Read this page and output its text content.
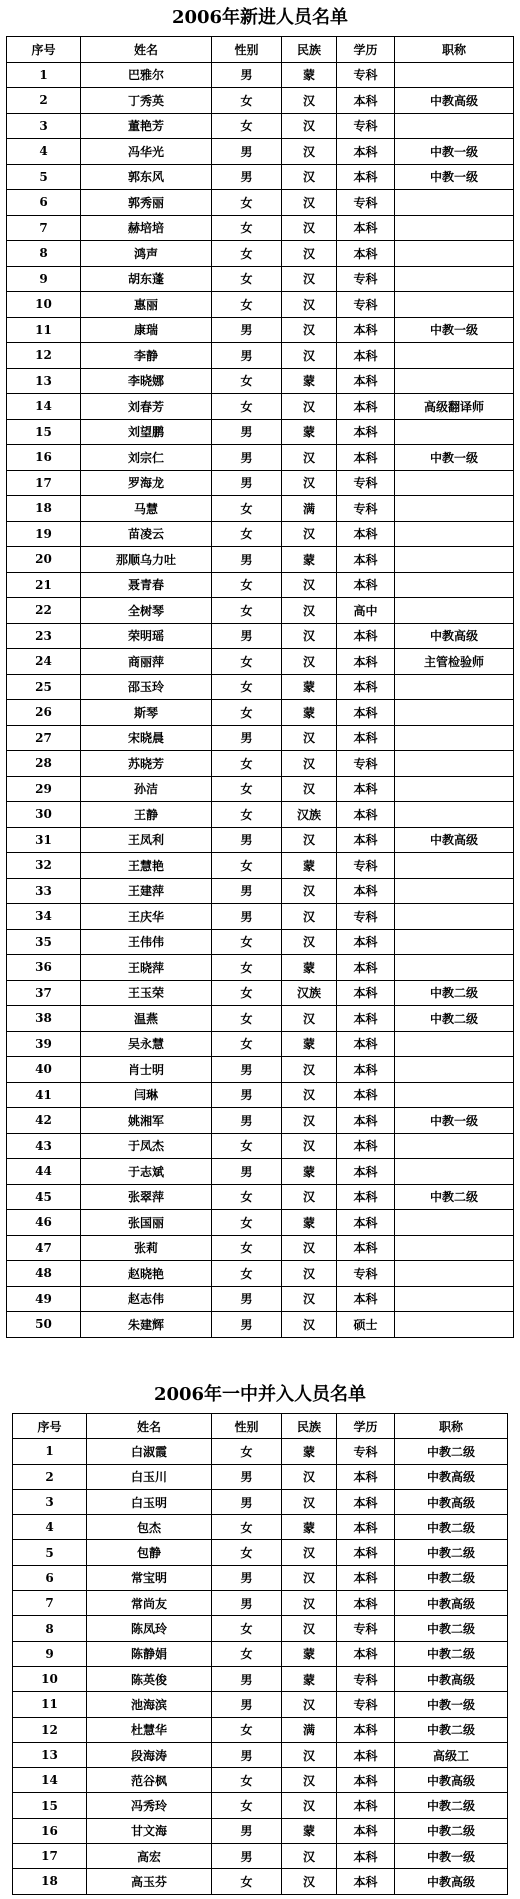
2006年新进人员名单
序号	姓名	性别	民族	学历	职称
1	巴雅尔	男	蒙	专科	
2	丁秀英	女	汉	本科	中教高级
3	董艳芳	女	汉	专科	
4	冯华光	男	汉	本科	中教一级
5	郭东风	男	汉	本科	中教一级
6	郭秀丽	女	汉	专科	
7	赫培培	女	汉	本科	
8	鸿声	女	汉	本科	
9	胡东蓬	女	汉	专科	
10	惠丽	女	汉	专科	
11	康瑞	男	汉	本科	中教一级
12	李静	男	汉	本科	
13	李晓娜	女	蒙	本科	
14	刘春芳	女	汉	本科	高级翻译师
15	刘望鹏	男	蒙	本科	
16	刘宗仁	男	汉	本科	中教一级
17	罗海龙	男	汉	专科	
18	马慧	女	满	专科	
19	苗凌云	女	汉	本科	
20	那顺乌力吐	男	蒙	本科	
21	聂青春	女	汉	本科	
22	全树琴	女	汉	高中	
23	荣明瑶	男	汉	本科	中教高级
24	商丽萍	女	汉	本科	主管检验师
25	邵玉玲	女	蒙	本科	
26	斯琴	女	蒙	本科	
27	宋晓晨	男	汉	本科	
28	苏晓芳	女	汉	专科	
29	孙洁	女	汉	本科	
30	王静	女	汉族	本科	
31	王凤利	男	汉	本科	中教高级
32	王慧艳	女	蒙	专科	
33	王建萍	男	汉	本科	
34	王庆华	男	汉	专科	
35	王伟伟	女	汉	本科	
36	王晓萍	女	蒙	本科	
37	王玉荣	女	汉族	本科	中教二级
38	温燕	女	汉	本科	中教二级
39	吴永慧	女	蒙	本科	
40	肖士明	男	汉	本科	
41	闫琳	男	汉	本科	
42	姚湘军	男	汉	本科	中教一级
43	于凤杰	女	汉	本科	
44	于志斌	男	蒙	本科	
45	张翠萍	女	汉	本科	中教二级
46	张国丽	女	蒙	本科	
47	张莉	女	汉	本科	
48	赵晓艳	女	汉	专科	
49	赵志伟	男	汉	本科	
50	朱建辉	男	汉	硕士	
2006年一中并入人员名单
序号	姓名	性别	民族	学历	职称
1	白淑霞	女	蒙	专科	中教二级
2	白玉川	男	汉	本科	中教高级
3	白玉明	男	汉	本科	中教高级
4	包杰	女	蒙	本科	中教二级
5	包静	女	汉	本科	中教二级
6	常宝明	男	汉	本科	中教二级
7	常尚友	男	汉	本科	中教高级
8	陈凤玲	女	汉	专科	中教二级
9	陈静娟	女	蒙	本科	中教二级
10	陈英俊	男	蒙	专科	中教高级
11	池海滨	男	汉	专科	中教一级
12	杜慧华	女	满	本科	中教二级
13	段海涛	男	汉	本科	高级工
14	范谷枫	女	汉	本科	中教高级
15	冯秀玲	女	汉	本科	中教二级
16	甘文海	男	蒙	本科	中教二级
17	高宏	男	汉	本科	中教一级
18	高玉芬	女	汉	本科	中教高级
